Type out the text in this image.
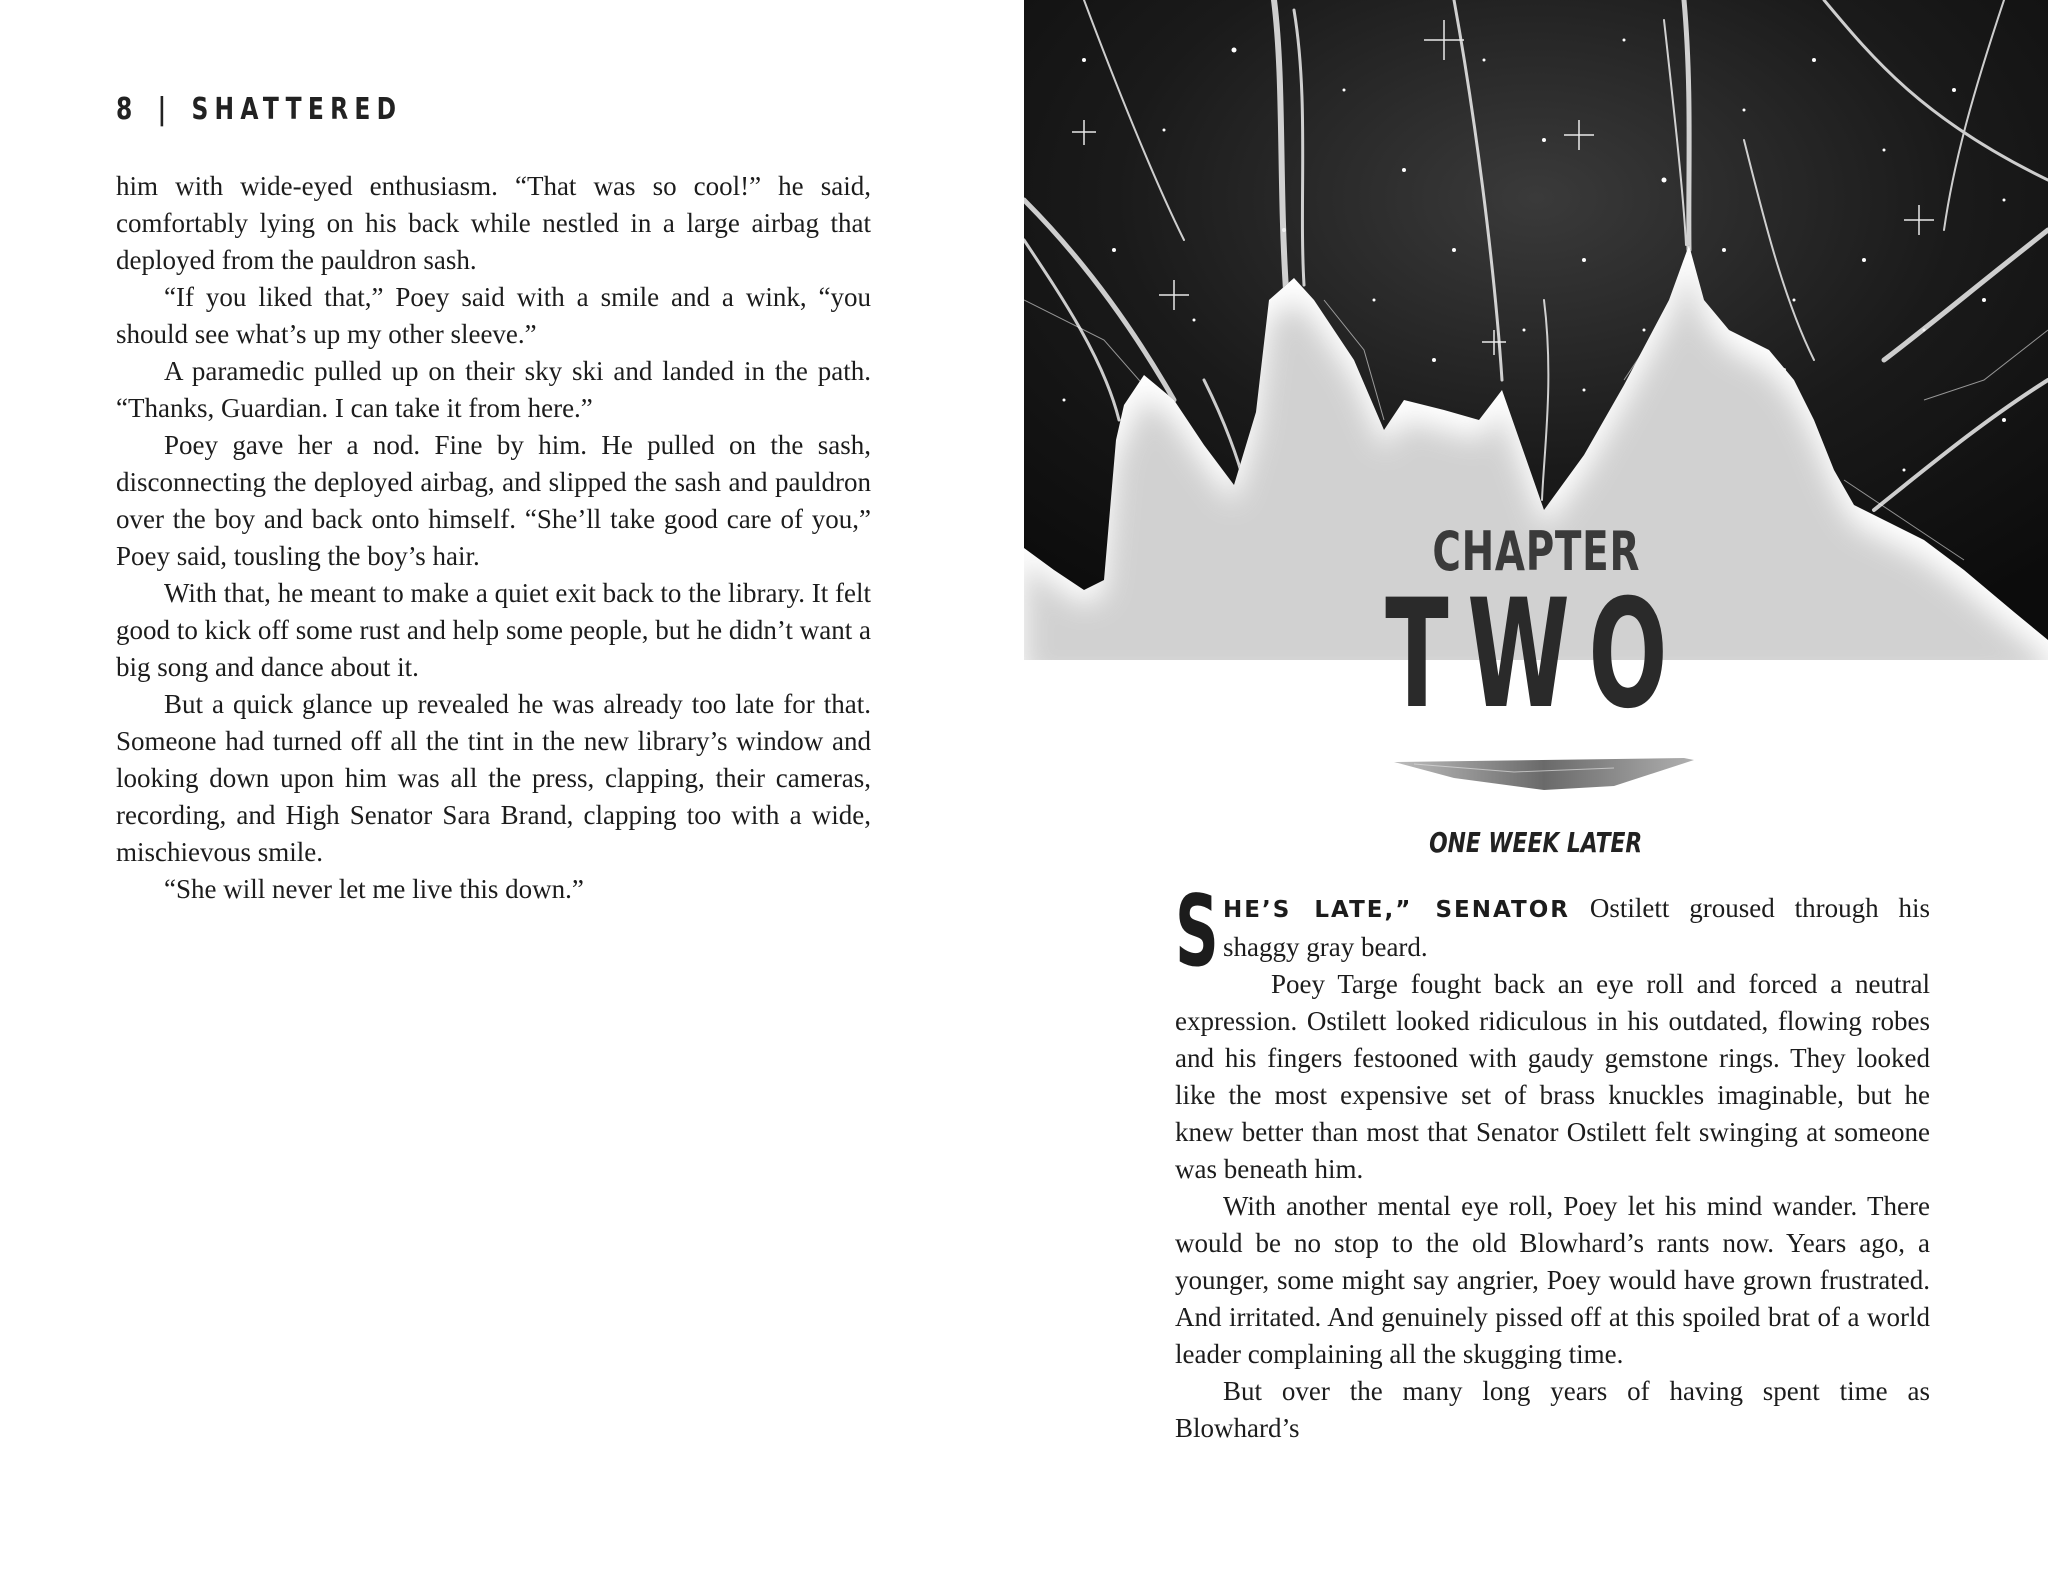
8 | SHATTERED

him with wide-eyed enthusiasm. “That was so cool!” he said, comfortably lying on his back while nestled in a large airbag that deployed from the pauldron sash.

“If you liked that,” Poey said with a smile and a wink, “you should see what’s up my other sleeve.”

A paramedic pulled up on their sky ski and landed in the path. “Thanks, Guardian. I can take it from here.”

Poey gave her a nod. Fine by him. He pulled on the sash, disconnecting the deployed airbag, and slipped the sash and pauldron over the boy and back onto himself. “She’ll take good care of you,” Poey said, tousling the boy’s hair.

With that, he meant to make a quiet exit back to the library. It felt good to kick off some rust and help some people, but he didn’t want a big song and dance about it.

But a quick glance up revealed he was already too late for that. Someone had turned off all the tint in the new library’s window and looking down upon him was all the press, clapping, their cameras, recording, and High Senator Sara Brand, clapping too with a wide, mischievous smile.

“She will never let me live this down.”

CHAPTER
TWO
ONE WEEK LATER

SHE’S LATE,” SENATOR Ostilett groused through his shaggy gray beard.

Poey Targe fought back an eye roll and forced a neutral expression. Ostilett looked ridiculous in his outdated, flowing robes and his fingers festooned with gaudy gemstone rings. They looked like the most expensive set of brass knuckles imaginable, but he knew better than most that Senator Ostilett felt swinging at someone was beneath him.

With another mental eye roll, Poey let his mind wander. There would be no stop to the old Blowhard’s rants now. Years ago, a younger, some might say angrier, Poey would have grown frustrated. And irritated. And genuinely pissed off at this spoiled brat of a world leader complaining all the skugging time.

But over the many long years of having spent time as Blowhard’s
